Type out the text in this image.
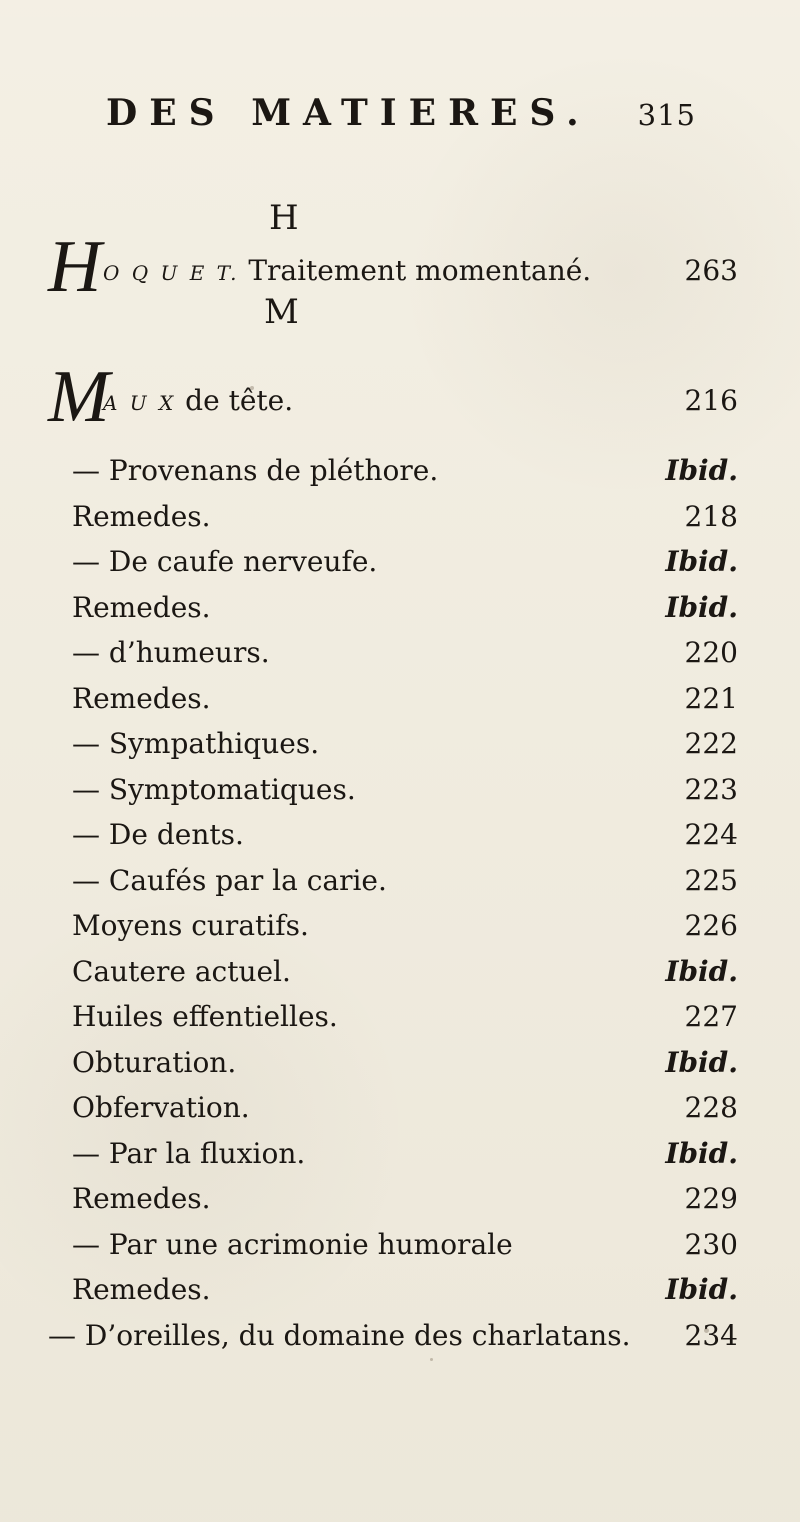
DES MATIERES. 315
H
H O Q U E T. Traitement momentané.	263
M
M
A U X de tête.	216
— Provenans de pléthore.	Ibid.
Remedes.	218
— De caufe nerveufe.	Ibid.
Remedes.	Ibid.
— d’humeurs.	220
Remedes.	221
— Sympathiques.	222
— Symptomatiques.	223
— De dents.	224
— Caufés par la carie.	225
Moyens curatifs.	226
Cautere actuel.	Ibid.
Huiles effentielles.	227
Obturation.	Ibid.
Obfervation.	228
— Par la fluxion.	Ibid.
Remedes.	229
— Par une acrimonie humorale	230
Remedes.	Ibid.
— D’oreilles, du domaine des charlatans.	234
